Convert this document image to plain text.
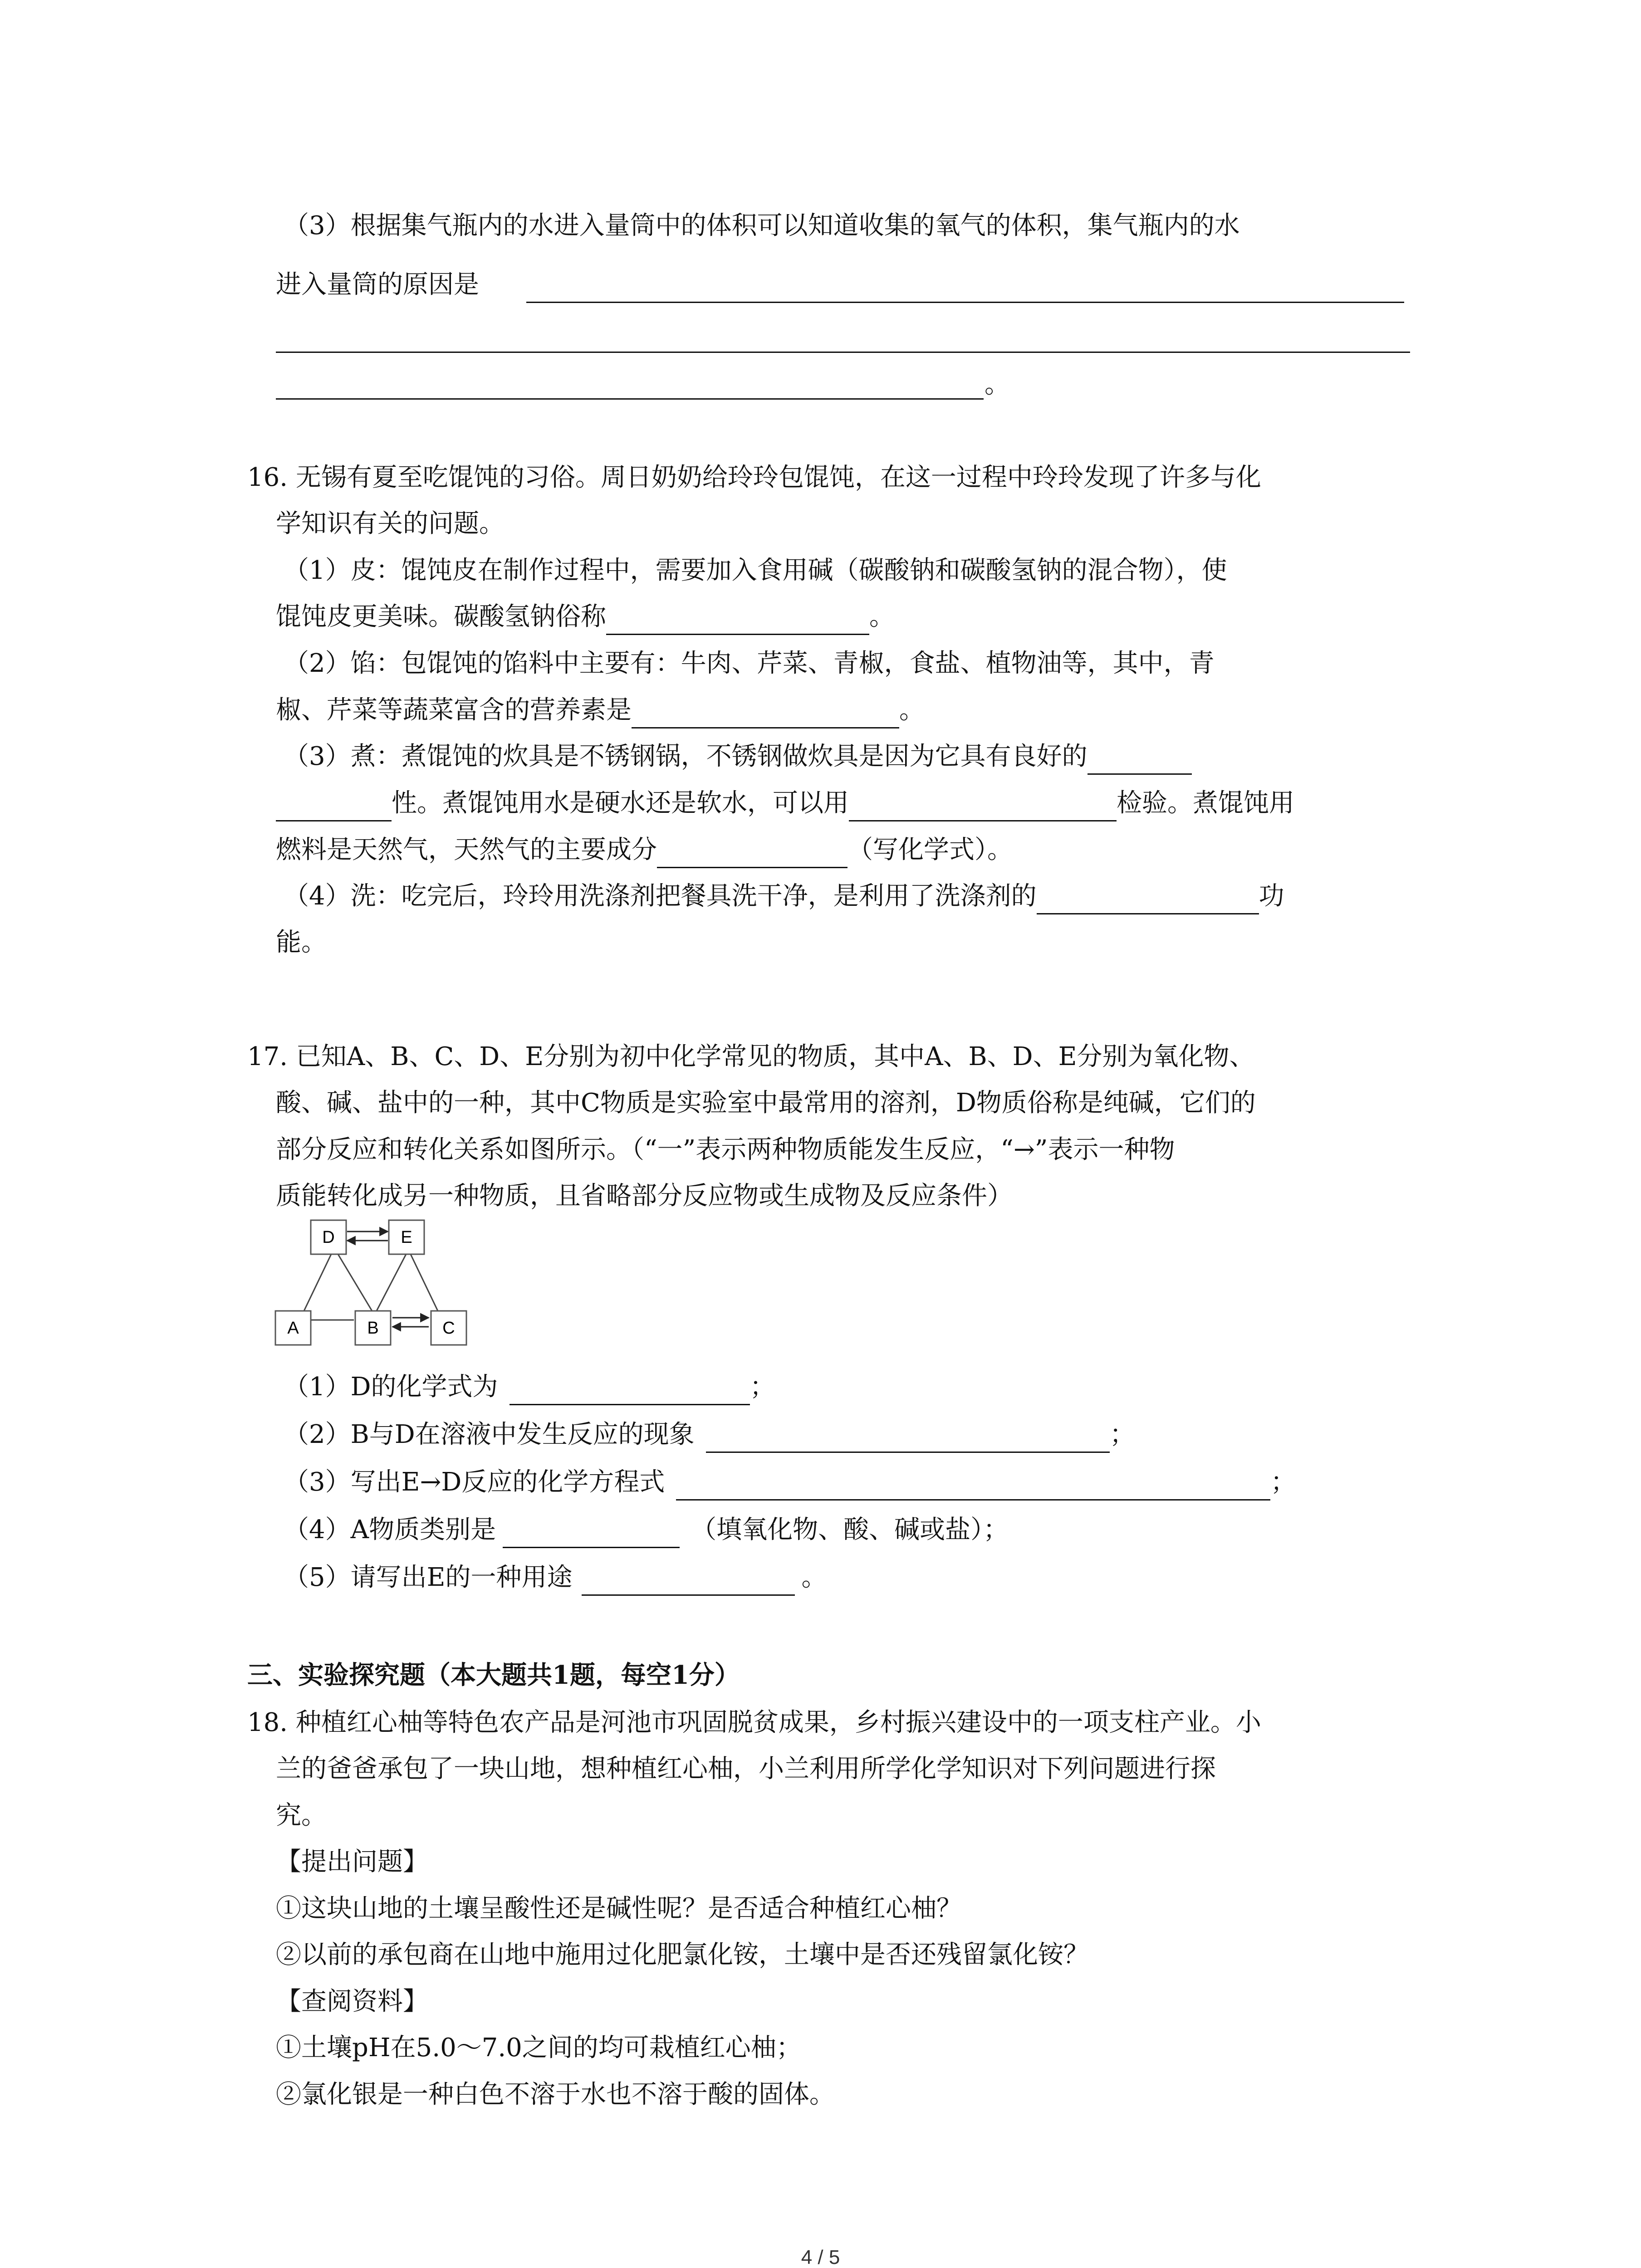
（3）根据集气瓶内的水进入量筒中的体积可以知道收集的氧气的体积，集气瓶内的水
进入量筒的原因是
。
16. 无锡有夏至吃馄饨的习俗。周日奶奶给玲玲包馄饨，在这一过程中玲玲发现了许多与化
学知识有关的问题。
（1）皮：馄饨皮在制作过程中，需要加入食用碱（碳酸钠和碳酸氢钠的混合物），使
馄饨皮更美味。碳酸氢钠俗称	。
（2）馅：包馄饨的馅料中主要有：牛肉、芹菜、青椒，食盐、植物油等，其中，青
椒、芹菜等蔬菜富含的营养素是	。
（3）煮：煮馄饨的炊具是不锈钢锅，不锈钢做炊具是因为它具有良好的
性。煮馄饨用水是硬水还是软水，可以用	检验。煮馄饨用
燃料是天然气，天然气的主要成分	（写化学式）。
（4）洗：吃完后，玲玲用洗涤剂把餐具洗干净，是利用了洗涤剂的	功
能。
17. 已知A、B、C、D、E分别为初中化学常见的物质，其中A、B、D、E分别为氧化物、
酸、碱、盐中的一种，其中C物质是实验室中最常用的溶剂，D物质俗称是纯碱，它们的
部分反应和转化关系如图所示。（“一”表示两种物质能发生反应，“→”表示一种物
质能转化成另一种物质，且省略部分反应物或生成物及反应条件）
D	E
A	B	C
（1）D的化学式为	；
（2）B与D在溶液中发生反应的现象	；
（3）写出E→D反应的化学方程式	；
（4）A物质类别是	（填氧化物、酸、碱或盐）；
（5）请写出E的一种用途	。
三、实验探究题（本大题共1题，每空1分）
18. 种植红心柚等特色农产品是河池市巩固脱贫成果，乡村振兴建设中的一项支柱产业。小
兰的爸爸承包了一块山地，想种植红心柚，小兰利用所学化学知识对下列问题进行探
究。
【提出问题】
①这块山地的土壤呈酸性还是碱性呢？是否适合种植红心柚？
②以前的承包商在山地中施用过化肥氯化铵，土壤中是否还残留氯化铵？
【查阅资料】
①土壤pH在5.0～7.0之间的均可栽植红心柚；
②氯化银是一种白色不溶于水也不溶于酸的固体。
4 / 5
